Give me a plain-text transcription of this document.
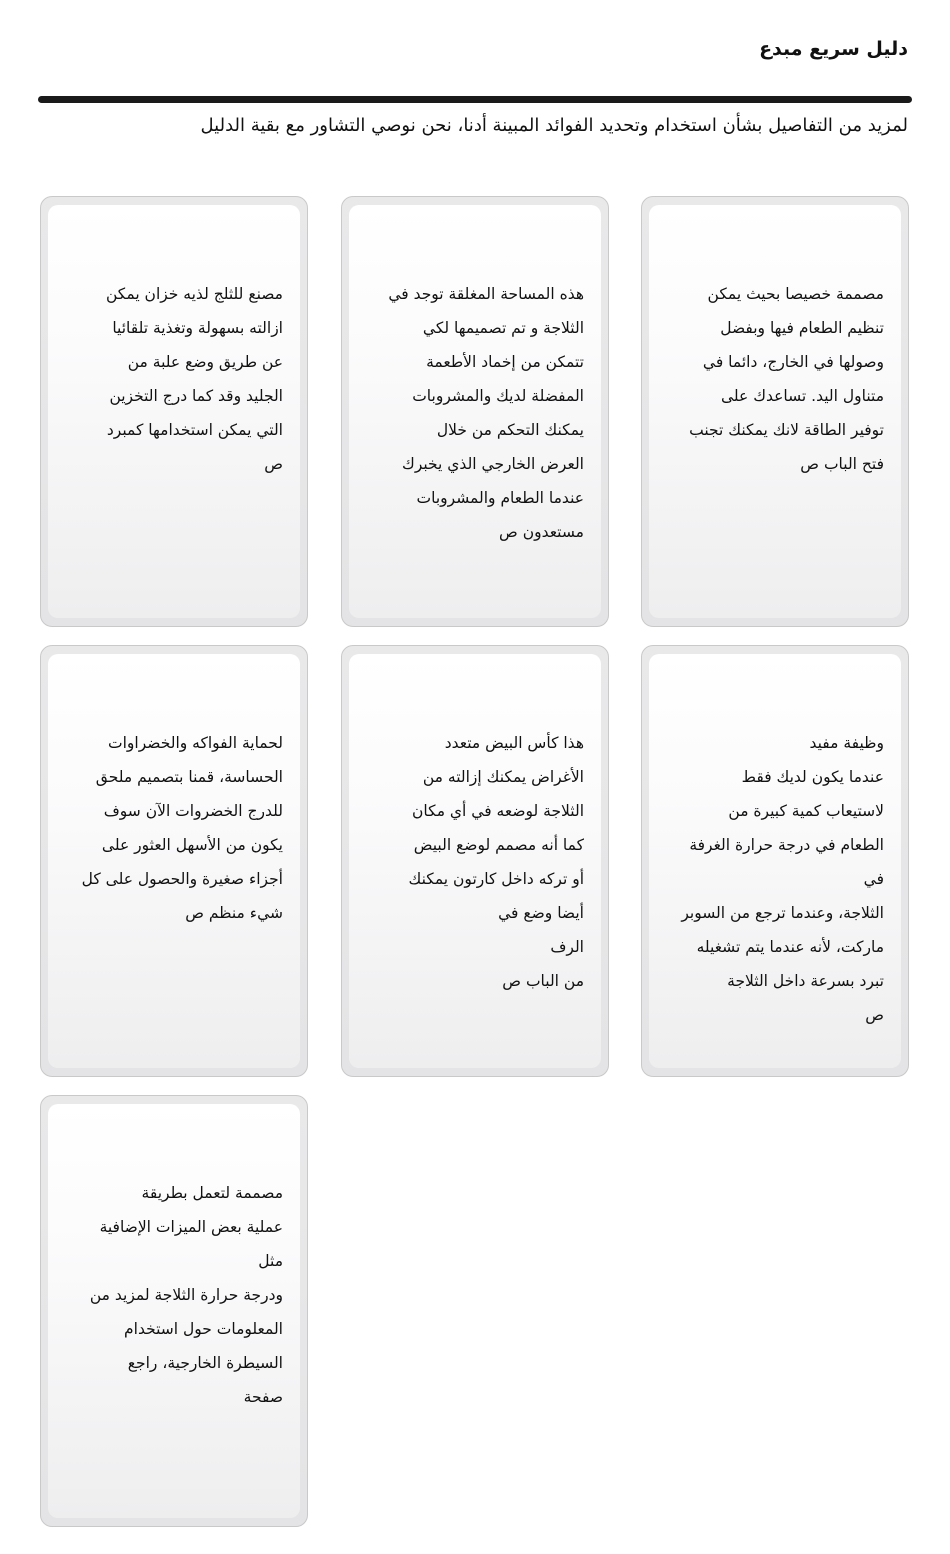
دليل سريع مبدع
لمزيد من التفاصيل بشأن استخدام وتحديد الفوائد المبينة أدنا، نحن نوصي التشاور مع بقية الدليل
مصممة خصيصا بحيث يمكن
تنظيم الطعام فيها وبفضل
وصولها في الخارج، دائما في
متناول اليد. تساعدك على
توفير الطاقة لانك يمكنك تجنب
فتح الباب ص
هذه المساحة المغلقة توجد في
الثلاجة و تم تصميمها لكي
تتمكن من إخماد الأطعمة
المفضلة لديك والمشروبات
يمكنك التحكم من خلال
العرض الخارجي الذي يخبرك
عندما الطعام والمشروبات
مستعدون ص
مصنع للثلج لذيه خزان يمكن
ازالته بسهولة وتغذية تلقائيا
عن طريق وضع علبة من
الجليد وقد كما درج التخزين
التي يمكن استخدامها كمبرد
ص
وظيفة مفيد
عندما يكون لديك فقط
لاستيعاب كمية كبيرة من
الطعام في درجة حرارة الغرفة في
الثلاجة، وعندما ترجع من السوبر
ماركت، لأنه عندما يتم تشغيله
تبرد بسرعة داخل الثلاجة
ص
هذا كأس البيض متعدد
الأغراض يمكنك إزالته من
الثلاجة لوضعه في أي مكان
كما أنه مصمم لوضع البيض
أو تركه داخل كارتون يمكنك
أيضا وضع في
الرف
من الباب ص
لحماية الفواكه والخضراوات
الحساسة، قمنا بتصميم ملحق
للدرج الخضروات الآن سوف
يكون من الأسهل العثور على
أجزاء صغيرة والحصول على كل
شيء منظم ص
مصممة لتعمل بطريقة
عملية بعض الميزات الإضافية
مثل
ودرجة حرارة الثلاجة لمزيد من
المعلومات حول استخدام
السيطرة الخارجية، راجع
صفحة
